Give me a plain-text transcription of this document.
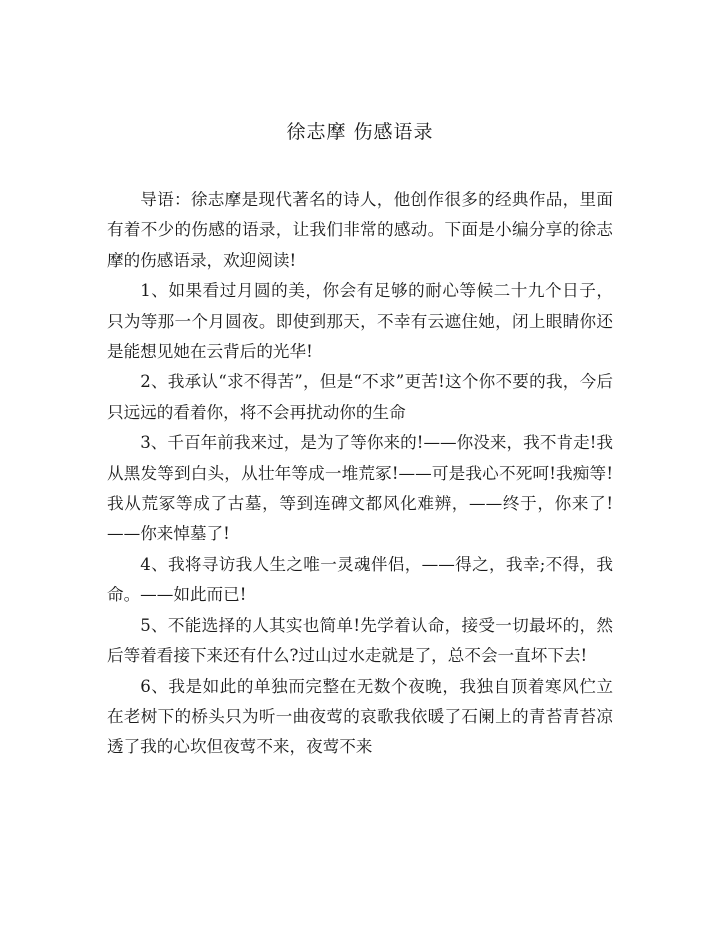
徐志摩 伤感语录

导语：徐志摩是现代著名的诗人，他创作很多的经典作品，里面有着不少的伤感的语录，让我们非常的感动。下面是小编分享的徐志摩的伤感语录，欢迎阅读!

1、如果看过月圆的美，你会有足够的耐心等候二十九个日子，只为等那一个月圆夜。即使到那天，不幸有云遮住她，闭上眼睛你还是能想见她在云背后的光华!

2、我承认“求不得苦”，但是“不求”更苦!这个你不要的我，今后只远远的看着你，将不会再扰动你的生命

3、千百年前我来过，是为了等你来的!——你没来，我不肯走!我从黑发等到白头，从壮年等成一堆荒冢!——可是我心不死呵!我痴等!我从荒冢等成了古墓，等到连碑文都风化难辨，——终于，你来了!——你来悼墓了!

4、我将寻访我人生之唯一灵魂伴侣，——得之，我幸;不得，我命。——如此而已!

5、不能选择的人其实也简单!先学着认命，接受一切最坏的，然后等着看接下来还有什么?过山过水走就是了，总不会一直坏下去!

6、我是如此的单独而完整在无数个夜晚，我独自顶着寒风伫立在老树下的桥头只为听一曲夜莺的哀歌我依暖了石阑上的青苔青苔凉透了我的心坎但夜莺不来，夜莺不来
